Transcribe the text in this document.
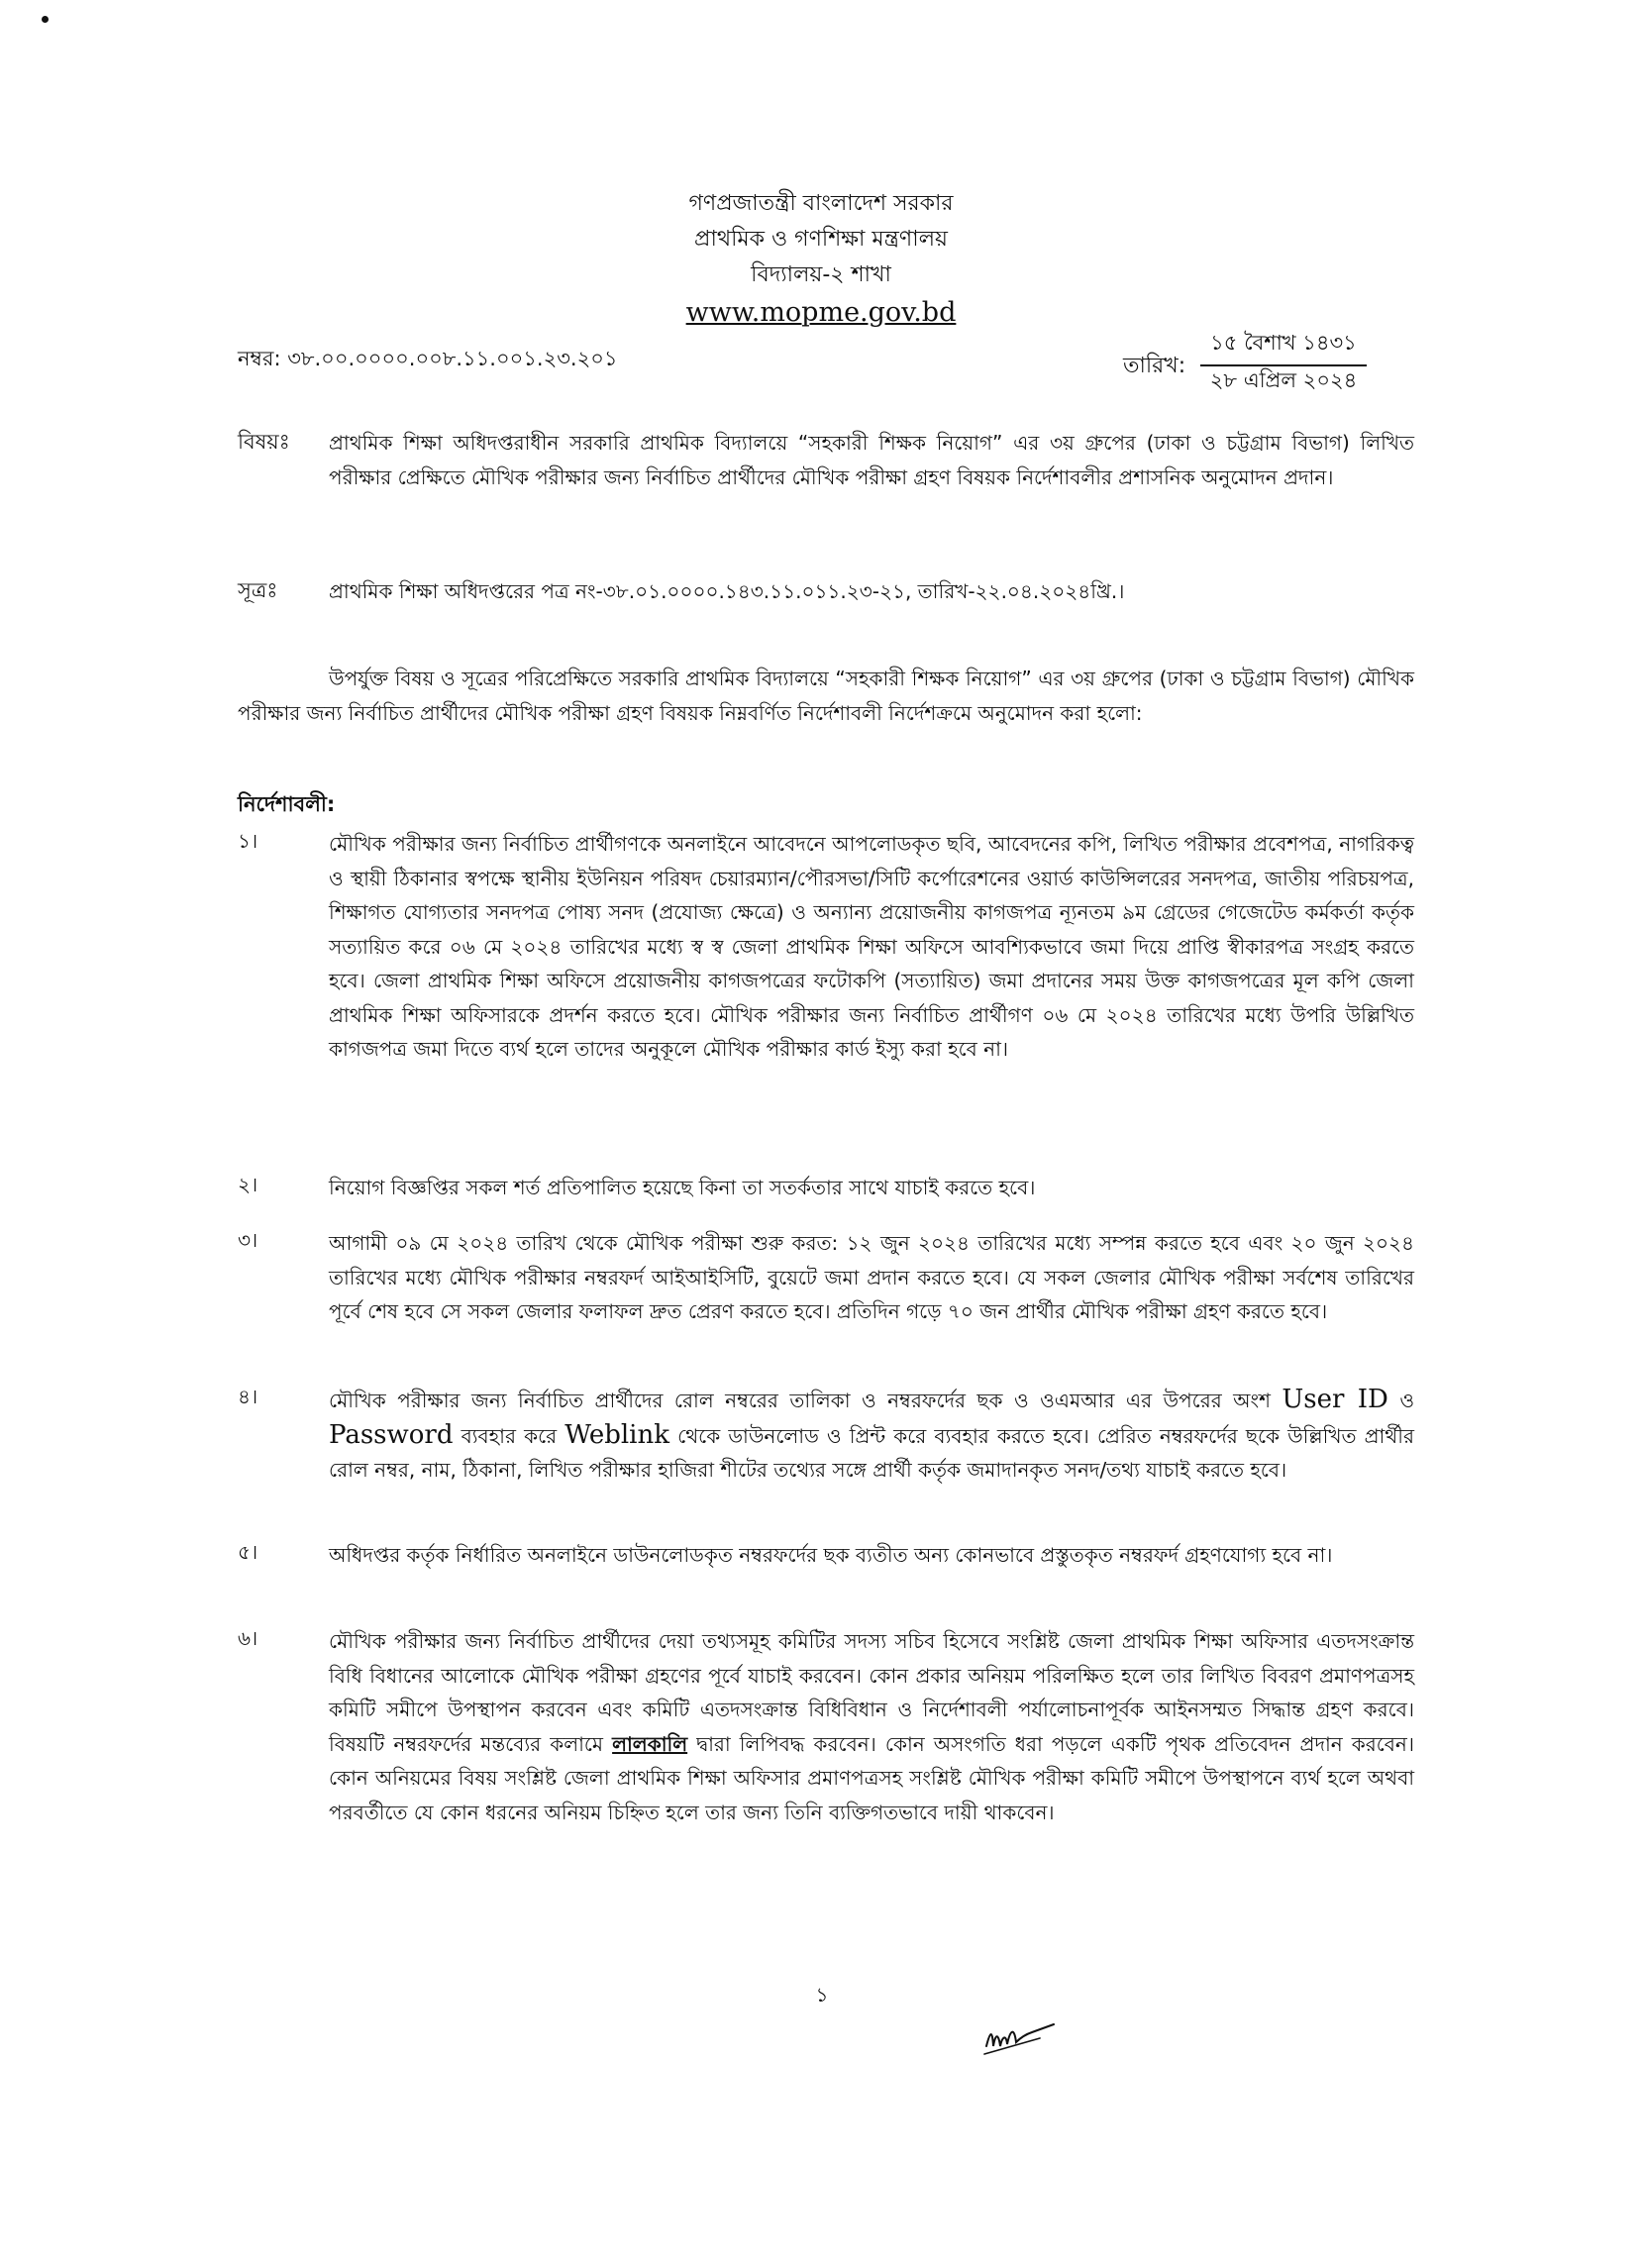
গণপ্রজাতন্ত্রী বাংলাদেশ সরকার
প্রাথমিক ও গণশিক্ষা মন্ত্রণালয়
বিদ্যালয়-২ শাখা
www.mopme.gov.bd
নম্বর: ৩৮.০০.০০০০.০০৮.১১.০০১.২৩.২০১	তারিখ:
১৫ বৈশাখ ১৪৩১
২৮ এপ্রিল ২০২৪
বিষয়ঃ প্রাথমিক শিক্ষা অধিদপ্তরাধীন সরকারি প্রাথমিক বিদ্যালয়ে “সহকারী শিক্ষক নিয়োগ” এর ৩য় গ্রুপের (ঢাকা ও চট্টগ্রাম বিভাগ) লিখিত পরীক্ষার প্রেক্ষিতে মৌখিক পরীক্ষার জন্য নির্বাচিত প্রার্থীদের মৌখিক পরীক্ষা গ্রহণ বিষয়ক নির্দেশাবলীর প্রশাসনিক অনুমোদন প্রদান।
সূত্রঃ	প্রাথমিক শিক্ষা অধিদপ্তরের পত্র নং-৩৮.০১.০০০০.১৪৩.১১.০১১.২৩-২১, তারিখ-২২.০৪.২০২৪খ্রি.।
উপর্যুক্ত বিষয় ও সূত্রের পরিপ্রেক্ষিতে সরকারি প্রাথমিক বিদ্যালয়ে “সহকারী শিক্ষক নিয়োগ” এর ৩য় গ্রুপের (ঢাকা ও চট্টগ্রাম বিভাগ) মৌখিক পরীক্ষার জন্য নির্বাচিত প্রার্থীদের মৌখিক পরীক্ষা গ্রহণ বিষয়ক নিম্নবর্ণিত নির্দেশাবলী নির্দেশক্রমে অনুমোদন করা হলো:
নির্দেশাবলী:
১।	মৌখিক পরীক্ষার জন্য নির্বাচিত প্রার্থীগণকে অনলাইনে আবেদনে আপলোডকৃত ছবি, আবেদনের কপি, লিখিত পরীক্ষার প্রবেশপত্র, নাগরিকত্ব ও স্থায়ী ঠিকানার স্বপক্ষে স্থানীয় ইউনিয়ন পরিষদ চেয়ারম্যান/পৌরসভা/সিটি কর্পোরেশনের ওয়ার্ড কাউন্সিলরের সনদপত্র, জাতীয় পরিচয়পত্র, শিক্ষাগত যোগ্যতার সনদপত্র পোষ্য সনদ (প্রযোজ্য ক্ষেত্রে) ও অন্যান্য প্রয়োজনীয় কাগজপত্র ন্যূনতম ৯ম গ্রেডের গেজেটেড কর্মকর্তা কর্তৃক সত্যায়িত করে ০৬ মে ২০২৪ তারিখের মধ্যে স্ব স্ব জেলা প্রাথমিক শিক্ষা অফিসে আবশ্যিকভাবে জমা দিয়ে প্রাপ্তি স্বীকারপত্র সংগ্রহ করতে হবে। জেলা প্রাথমিক শিক্ষা অফিসে প্রয়োজনীয় কাগজপত্রের ফটোকপি (সত্যায়িত) জমা প্রদানের সময় উক্ত কাগজপত্রের মূল কপি জেলা প্রাথমিক শিক্ষা অফিসারকে প্রদর্শন করতে হবে। মৌখিক পরীক্ষার জন্য নির্বাচিত প্রার্থীগণ ০৬ মে ২০২৪ তারিখের মধ্যে উপরি উল্লিখিত কাগজপত্র জমা দিতে ব্যর্থ হলে তাদের অনুকূলে মৌখিক পরীক্ষার কার্ড ইস্যু করা হবে না।
২।	নিয়োগ বিজ্ঞপ্তির সকল শর্ত প্রতিপালিত হয়েছে কিনা তা সতর্কতার সাথে যাচাই করতে হবে।
৩।	আগামী ০৯ মে ২০২৪ তারিখ থেকে মৌখিক পরীক্ষা শুরু করত: ১২ জুন ২০২৪ তারিখের মধ্যে সম্পন্ন করতে হবে এবং ২০ জুন ২০২৪ তারিখের মধ্যে মৌখিক পরীক্ষার নম্বরফর্দ আইআইসিটি, বুয়েটে জমা প্রদান করতে হবে। যে সকল জেলার মৌখিক পরীক্ষা সর্বশেষ তারিখের পূর্বে শেষ হবে সে সকল জেলার ফলাফল দ্রুত প্রেরণ করতে হবে। প্রতিদিন গড়ে ৭০ জন প্রার্থীর মৌখিক পরীক্ষা গ্রহণ করতে হবে।
৪।	মৌখিক পরীক্ষার জন্য নির্বাচিত প্রার্থীদের রোল নম্বরের তালিকা ও নম্বরফর্দের ছক ও ওএমআর এর উপরের অংশ User ID ও Password ব্যবহার করে Weblink থেকে ডাউনলোড ও প্রিন্ট করে ব্যবহার করতে হবে। প্রেরিত নম্বরফর্দের ছকে উল্লিখিত প্রার্থীর রোল নম্বর, নাম, ঠিকানা, লিখিত পরীক্ষার হাজিরা শীটের তথ্যের সঙ্গে প্রার্থী কর্তৃক জমাদানকৃত সনদ/তথ্য যাচাই করতে হবে।
৫।	অধিদপ্তর কর্তৃক নির্ধারিত অনলাইনে ডাউনলোডকৃত নম্বরফর্দের ছক ব্যতীত অন্য কোনভাবে প্রস্তুতকৃত নম্বরফর্দ গ্রহণযোগ্য হবে না।
৬।	মৌখিক পরীক্ষার জন্য নির্বাচিত প্রার্থীদের দেয়া তথ্যসমূহ কমিটির সদস্য সচিব হিসেবে সংশ্লিষ্ট জেলা প্রাথমিক শিক্ষা অফিসার এতদসংক্রান্ত বিধি বিধানের আলোকে মৌখিক পরীক্ষা গ্রহণের পূর্বে যাচাই করবেন। কোন প্রকার অনিয়ম পরিলক্ষিত হলে তার লিখিত বিবরণ প্রমাণপত্রসহ কমিটি সমীপে উপস্থাপন করবেন এবং কমিটি এতদসংক্রান্ত বিধিবিধান ও নির্দেশাবলী পর্যালোচনাপূর্বক আইনসম্মত সিদ্ধান্ত গ্রহণ করবে। বিষয়টি নম্বরফর্দের মন্তব্যের কলামে লালকালি দ্বারা লিপিবদ্ধ করবেন। কোন অসংগতি ধরা পড়লে একটি পৃথক প্রতিবেদন প্রদান করবেন। কোন অনিয়মের বিষয় সংশ্লিষ্ট জেলা প্রাথমিক শিক্ষা অফিসার প্রমাণপত্রসহ সংশ্লিষ্ট মৌখিক পরীক্ষা কমিটি সমীপে উপস্থাপনে ব্যর্থ হলে অথবা পরবর্তীতে যে কোন ধরনের অনিয়ম চিহ্নিত হলে তার জন্য তিনি ব্যক্তিগতভাবে দায়ী থাকবেন।
১
